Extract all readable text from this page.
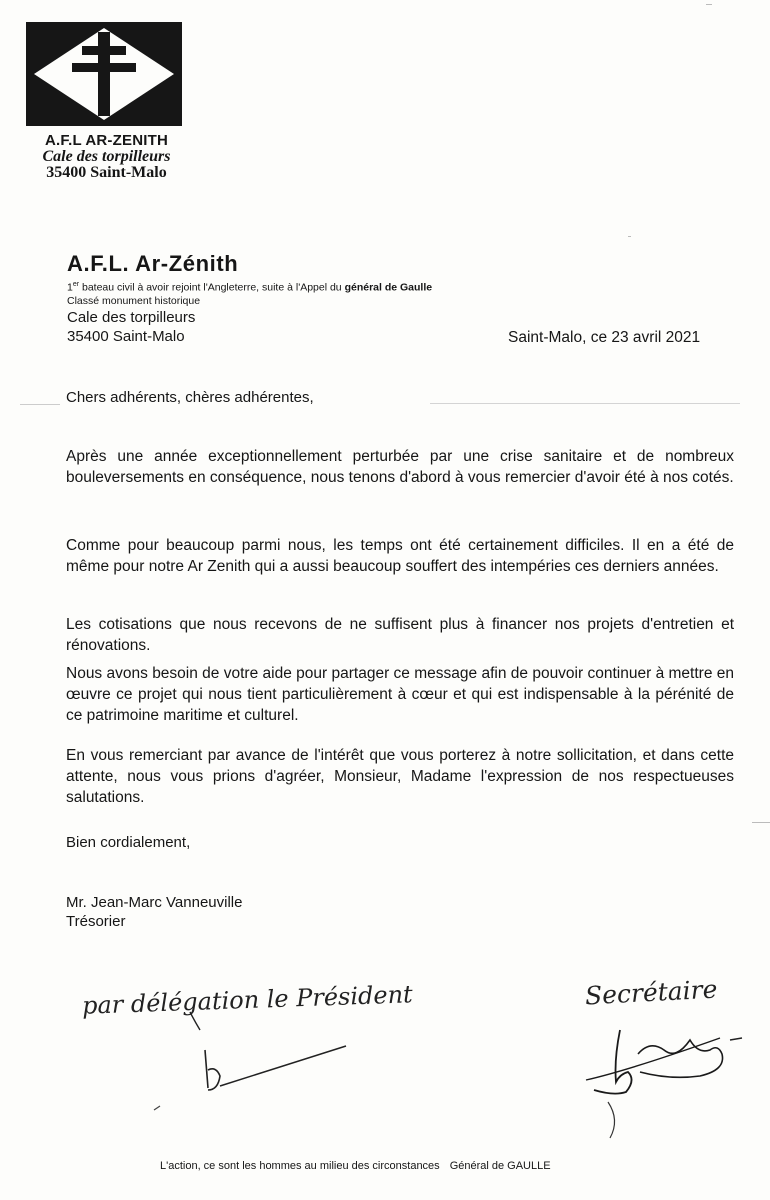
A.F.L AR-ZENITH
Cale des torpilleurs
35400 Saint-Malo
A.F.L. Ar-Zénith
1er bateau civil à avoir rejoint l'Angleterre, suite à l'Appel du général de Gaulle
Classé monument historique
Cale des torpilleurs
35400 Saint-Malo	Saint-Malo, ce 23 avril 2021
Chers adhérents, chères adhérentes,
Après une année exceptionnellement perturbée par une crise sanitaire et de nombreux bouleversements en conséquence, nous tenons d'abord à vous remercier d'avoir été à nos cotés.
Comme pour beaucoup parmi nous, les temps ont été certainement difficiles. Il en a été de même pour notre Ar Zenith qui a aussi beaucoup souffert des intempéries ces derniers années.
Les cotisations que nous recevons de ne suffisent plus à financer nos projets d'entretien et rénovations.
Nous avons besoin de votre aide pour partager ce message afin de pouvoir continuer à mettre en œuvre ce projet qui nous tient particulièrement à cœur et qui est indispensable à la pérénité de ce patrimoine maritime et culturel.
En vous remerciant par avance de l'intérêt que vous porterez à notre sollicitation, et dans cette attente, nous vous prions d'agréer, Monsieur, Madame l'expression de nos respectueuses salutations.
Bien cordialement,
Mr. Jean-Marc Vanneuville
Trésorier
par délégation le Président	Secrétaire
L'action, ce sont les hommes au milieu des circonstances Général de GAULLE
